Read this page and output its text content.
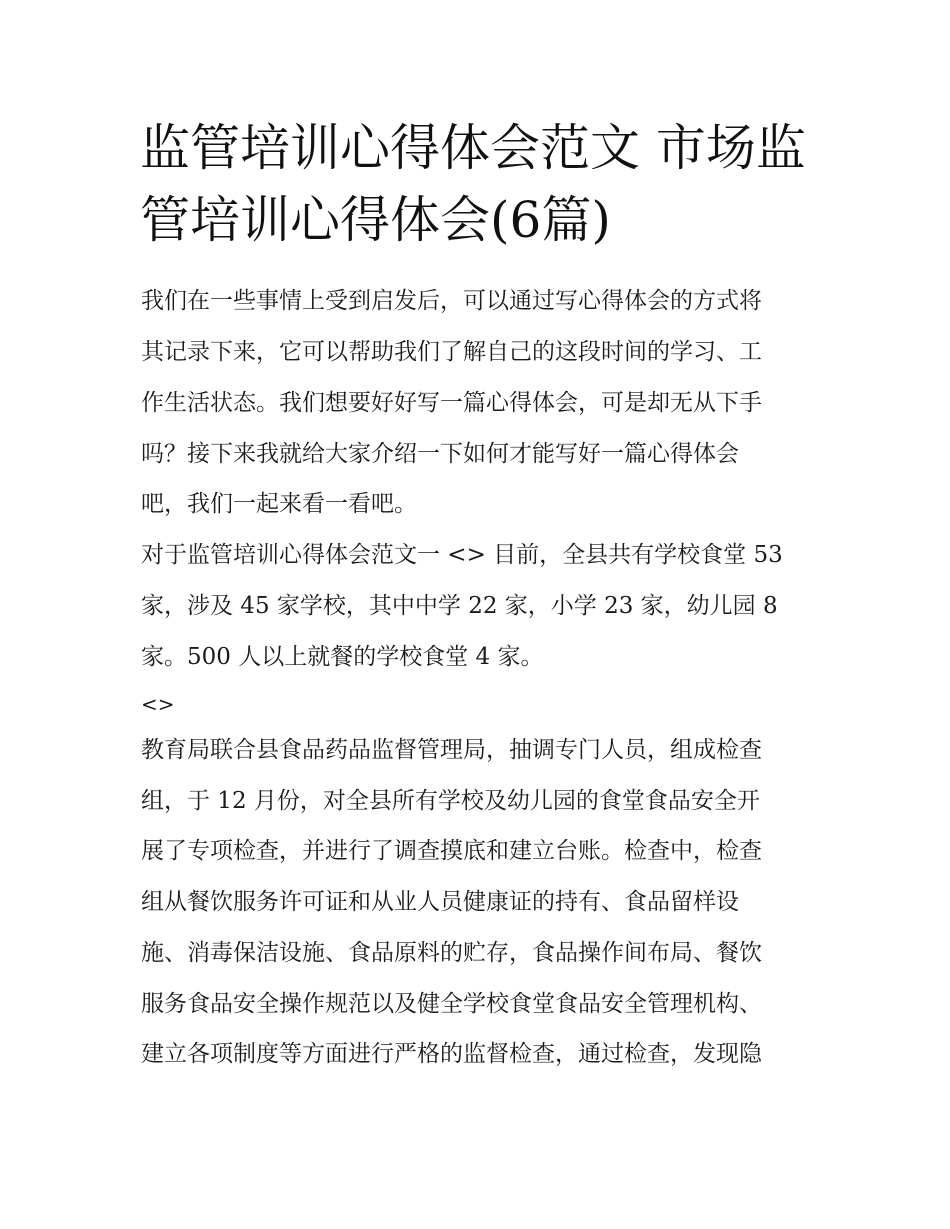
监管培训心得体会范文 市场监管培训心得体会(6篇)
我们在一些事情上受到启发后，可以通过写心得体会的方式将
其记录下来，它可以帮助我们了解自己的这段时间的学习、工
作生活状态。我们想要好好写一篇心得体会，可是却无从下手
吗？接下来我就给大家介绍一下如何才能写好一篇心得体会
吧，我们一起来看一看吧。
对于监管培训心得体会范文一 <> 目前，全县共有学校食堂 53
家，涉及 45 家学校，其中中学 22 家，小学 23 家，幼儿园 8
家。500 人以上就餐的学校食堂 4 家。
<>
教育局联合县食品药品监督管理局，抽调专门人员，组成检查
组，于 12 月份，对全县所有学校及幼儿园的食堂食品安全开
展了专项检查，并进行了调查摸底和建立台账。检查中，检查
组从餐饮服务许可证和从业人员健康证的持有、食品留样设
施、消毒保洁设施、食品原料的贮存，食品操作间布局、餐饮
服务食品安全操作规范以及健全学校食堂食品安全管理机构、
建立各项制度等方面进行严格的监督检查，通过检查，发现隐
